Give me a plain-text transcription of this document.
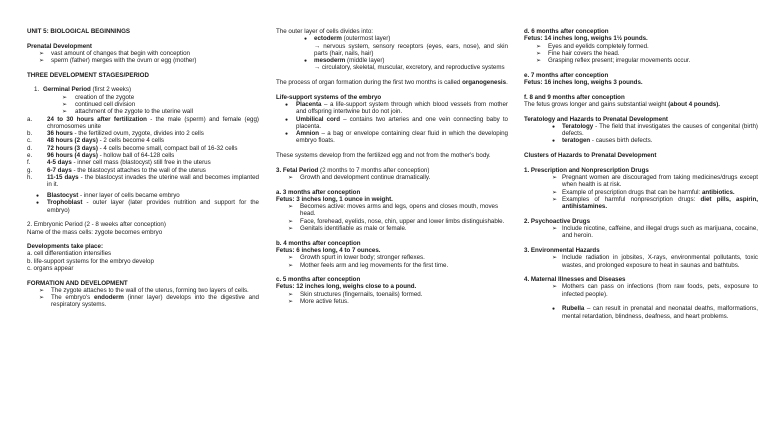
UNIT 5: BIOLOGICAL BEGINNINGS
Prenatal Development
➢ vast amount of changes that begin with conception
➢ sperm (father) merges with the ovum or egg (mother)
THREE DEVELOPMENT STAGES/PERIOD
1. Germinal Period (first 2 weeks)
➢ creation of the zygote
➢ continued cell division
➢ attachment of the zygote to the uterine wall
a. 24 to 30 hours after fertilization - the male (sperm) and female (egg) chromosomes unite
b. 36 hours - the fertilized ovum, zygote, divides into 2 cells
c. 48 hours (2 days) - 2 cells become 4 cells
d. 72 hours (3 days) - 4 cells become small, compact ball of 16-32 cells
e. 96 hours (4 days) - hollow ball of 64-128 cells
f.	4-5 days - inner cell mass (blastocyst) still free in the uterus
g. 6-7 days - the blastocyst attaches to the wall of the uterus
h. 11-15 days - the blastocyst invades the uterine wall and becomes implanted in it.
● Blastocyst - inner layer of cells became embryo
● Trophoblast - outer layer (later provides nutrition and support for the embryo)
2. Embryonic Period (2 - 8 weeks after conception)
Name of the mass cells: zygote becomes embryo
Developments take place:
a. cell differentiation intensifies
b. life-support systems for the embryo develop
c. organs appear
FORMATION AND DEVELOPMENT
➢ The zygote attaches to the wall of the uterus, forming two layers of cells.
➢ The embryo's endoderm (inner layer) develops into the digestive and respiratory systems.
The outer layer of cells divides into:
● ectoderm (outermost layer)
→ nervous system, sensory receptors (eyes, ears, nose), and skin parts (hair, nails, hair)
● mesoderm (middle layer)
→ circulatory, skeletal, muscular, excretory, and reproductive systems
The process of organ formation during the first two months is called organogenesis.
Life-support systems of the embryo
● Placenta – a life-support system through which blood vessels from mother and offspring intertwine but do not join.
● Umbilical cord – contains two arteries and one vein connecting baby to placenta.
● Amnion – a bag or envelope containing clear fluid in which the developing embryo floats.
These systems develop from the fertilized egg and not from the mother's body.
3. Fetal Period (2 months to 7 months after conception)
➢ Growth and development continue dramatically.
a. 3 months after conception
Fetus: 3 inches long, 1 ounce in weight.
➢ Becomes active: moves arms and legs, opens and closes mouth, moves head.
➢ Face, forehead, eyelids, nose, chin, upper and lower limbs distinguishable.
➢ Genitals identifiable as male or female.
b. 4 months after conception
Fetus: 6 inches long, 4 to 7 ounces.
➢ Growth spurt in lower body; stronger reflexes.
➢ Mother feels arm and leg movements for the first time.
c. 5 months after conception
Fetus: 12 inches long, weighs close to a pound.
➢ Skin structures (fingernails, toenails) formed.
➢ More active fetus.
d. 6 months after conception
Fetus: 14 inches long, weighs 1½ pounds.
➢ Eyes and eyelids completely formed.
➢ Fine hair covers the head.
➢ Grasping reflex present; irregular movements occur.
e. 7 months after conception
Fetus: 16 inches long, weighs 3 pounds.
f. 8 and 9 months after conception
The fetus grows longer and gains substantial weight (about 4 pounds).
Teratology and Hazards to Prenatal Development
● Teratology - The field that investigates the causes of congenital (birth) defects.
● teratogen - causes birth defects.
Clusters of Hazards to Prenatal Development
1. Prescription and Nonprescription Drugs
➢ Pregnant women are discouraged from taking medicines/drugs except when health is at risk.
➢ Example of prescription drugs that can be harmful: antibiotics.
➢ Examples of harmful nonprescription drugs: diet pills, aspirin, antihistamines.
2. Psychoactive Drugs
➢ Include nicotine, caffeine, and illegal drugs such as marijuana, cocaine, and heroin.
3. Environmental Hazards
➢ Include radiation in jobsites, X-rays, environmental pollutants, toxic wastes, and prolonged exposure to heat in saunas and bathtubs.
4. Maternal Illnesses and Diseases
➢ Mothers can pass on infections (from raw foods, pets, exposure to infected people).
● Rubella – can result in prenatal and neonatal deaths, malformations, mental retardation, blindness, deafness, and heart problems.
